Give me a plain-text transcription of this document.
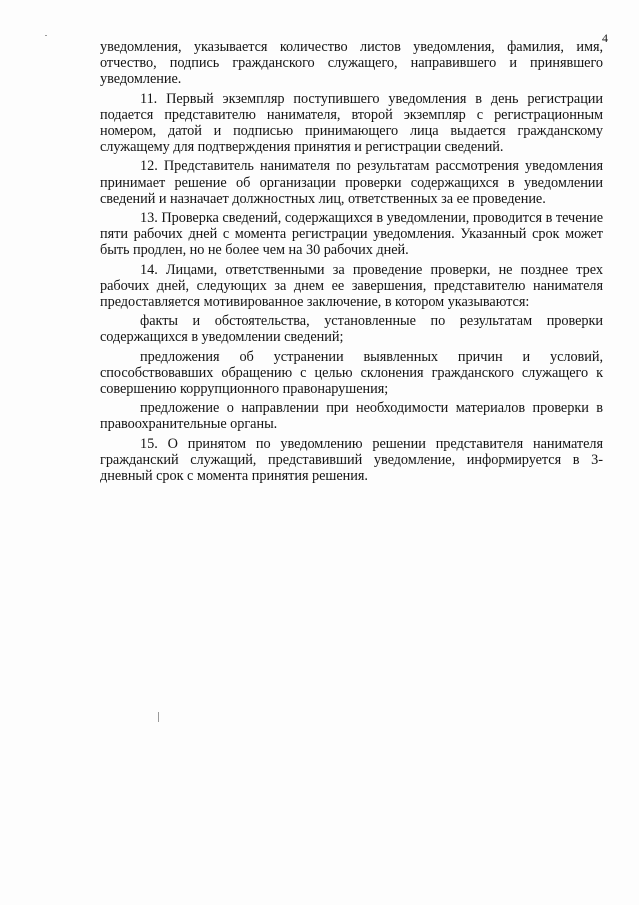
4

уведомления, указывается количество листов уведомления, фамилия, имя, отчество, подпись гражданского служащего, направившего и принявшего уведомление.

11. Первый экземпляр поступившего уведомления в день регистрации подается представителю нанимателя, второй экземпляр с регистрационным номером, датой и подписью принимающего лица выдается гражданскому служащему для подтверждения принятия и регистрации сведений.

12. Представитель нанимателя по результатам рассмотрения уведомления принимает решение об организации проверки содержащихся в уведомлении сведений и назначает должностных лиц, ответственных за ее проведение.

13. Проверка сведений, содержащихся в уведомлении, проводится в течение пяти рабочих дней с момента регистрации уведомления. Указанный срок может быть продлен, но не более чем на 30 рабочих дней.

14. Лицами, ответственными за проведение проверки, не позднее трех рабочих дней, следующих за днем ее завершения, представителю нанимателя предоставляется мотивированное заключение, в котором указываются:

факты и обстоятельства, установленные по результатам проверки содержащихся в уведомлении сведений;

предложения об устранении выявленных причин и условий, способствовавших обращению с целью склонения гражданского служащего к совершению коррупционного правонарушения;

предложение о направлении при необходимости материалов проверки в правоохранительные органы.

15. О принятом по уведомлению решении представителя нанимателя гражданский служащий, представивший уведомление, информируется в 3-дневный срок с момента принятия решения.
